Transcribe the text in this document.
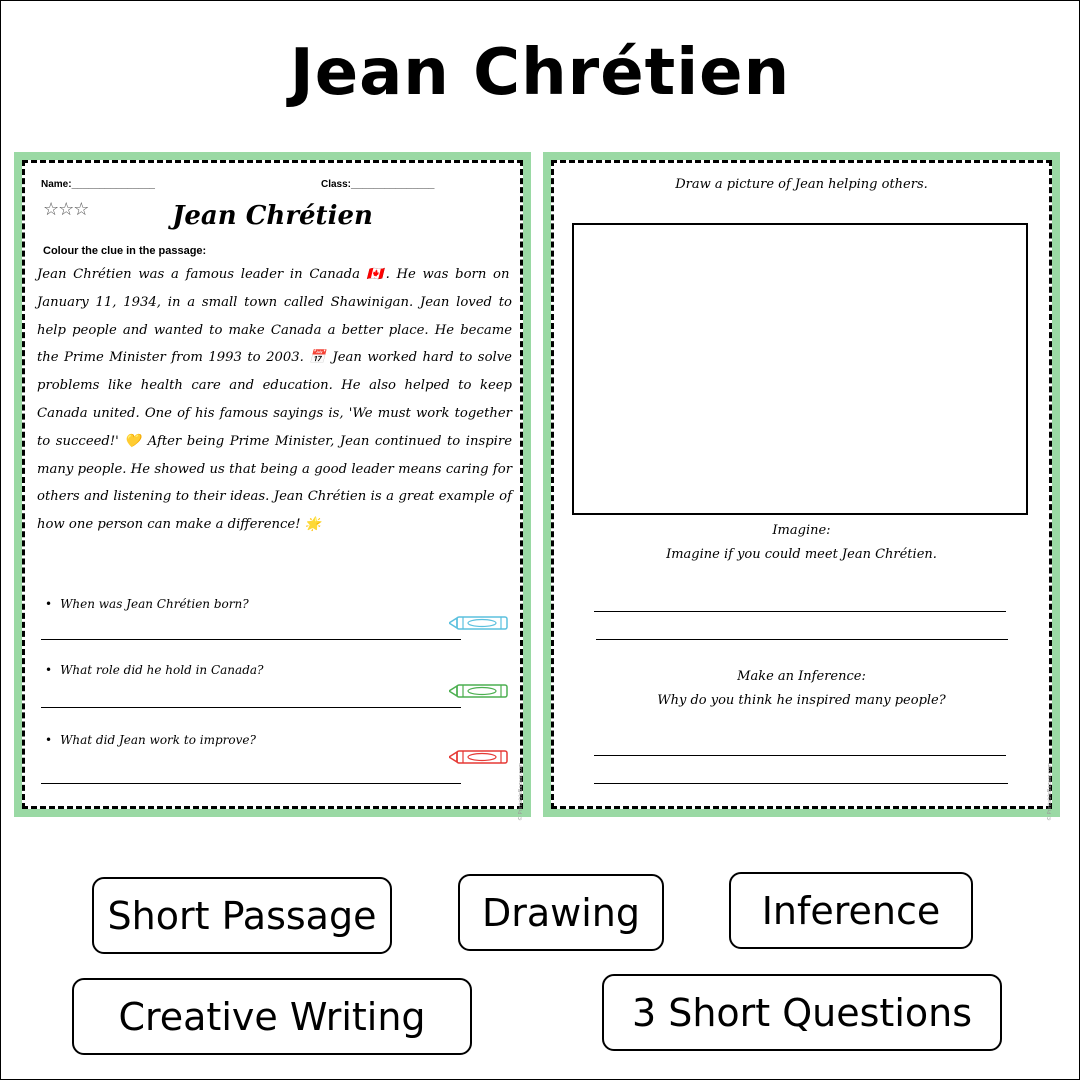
Jean Chrétien
Name:_______________	Class:_______________
☆☆☆	Jean Chrétien
Colour the clue in the passage:

Jean Chrétien was a famous leader in Canada 🇨🇦. He was born on January 11, 1934, in a small town called Shawinigan. Jean loved to help people and wanted to make Canada a better place. He became the Prime Minister from 1993 to 2003. 📅 Jean worked hard to solve problems like health care and education. He also helped to keep Canada united. One of his famous sayings is, 'We must work together to succeed!' 💛 After being Prime Minister, Jean continued to inspire many people. He showed us that being a good leader means caring for others and listening to their ideas. Jean Chrétien is a great example of how one person can make a difference! 🌟

• When was Jean Chrétien born?
• What role did he hold in Canada?
• What did Jean work to improve?
© PrintableBazaar.com
Draw a picture of Jean helping others.
Imagine:
Imagine if you could meet Jean Chrétien.
Make an Inference:
Why do you think he inspired many people?
© PrintableBazaar.com
Short Passage	Drawing	Inference
Creative Writing	3 Short Questions
